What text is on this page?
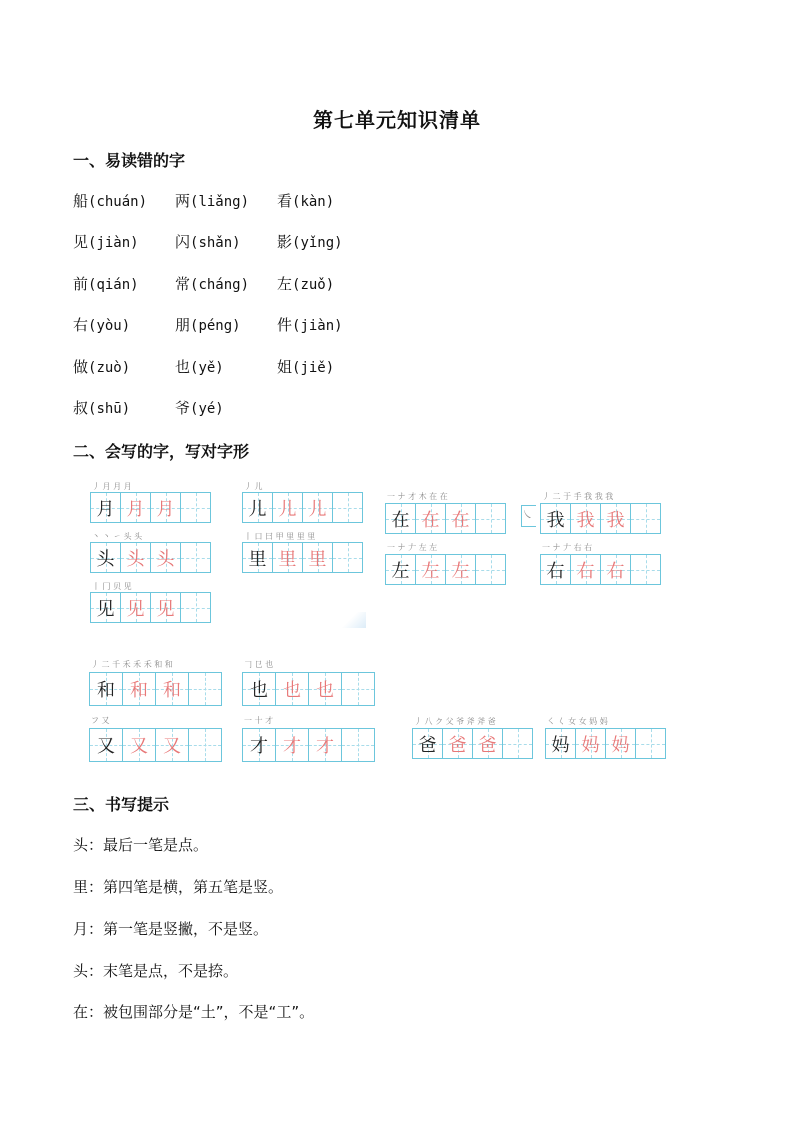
第七单元知识清单
一、易读错的字
船(chuán) 两(liǎng) 看(kàn)
见(jiàn) 闪(shǎn) 影(yǐng)
前(qián) 常(cháng) 左(zuǒ)
右(yòu)	朋(péng) 件(jiàn)
做(zuò)	也(yě)	姐(jiě)
叔(shū)	爷(yé)
二、会写的字，写对字形
丿 月 月 月
月 月 月
丶 丶 ㇀ 头 头
头 头 头
丨 冂 贝 见
见 见 见
丿 儿
儿 儿 儿
丨 口 曰 甲 里 里 里
里 里 里
一 ナ 才 木 在 在
在 在 在
一 ナ 𠂇 左 左
左 左 左
㇏
丿 二 于 手 我 我 我
我 我 我
一 ナ 𠂇 右 右
右 右 右
丿 二 千 禾 禾 禾 和 和
和 和 和
𠃌 㔾 也
也 也 也
フ 又
又 又 又
一 十 才
才 才 才
丿 八 ク 父 爷 斧 斧 爸
爸 爸 爸
㇛ 𡿨 女 女 妈 妈
妈 妈 妈
三、书写提示
头：最后一笔是点。
里：第四笔是横，第五笔是竖。
月：第一笔是竖撇，不是竖。
头：末笔是点，不是捺。
在：被包围部分是“土”，不是“工”。
